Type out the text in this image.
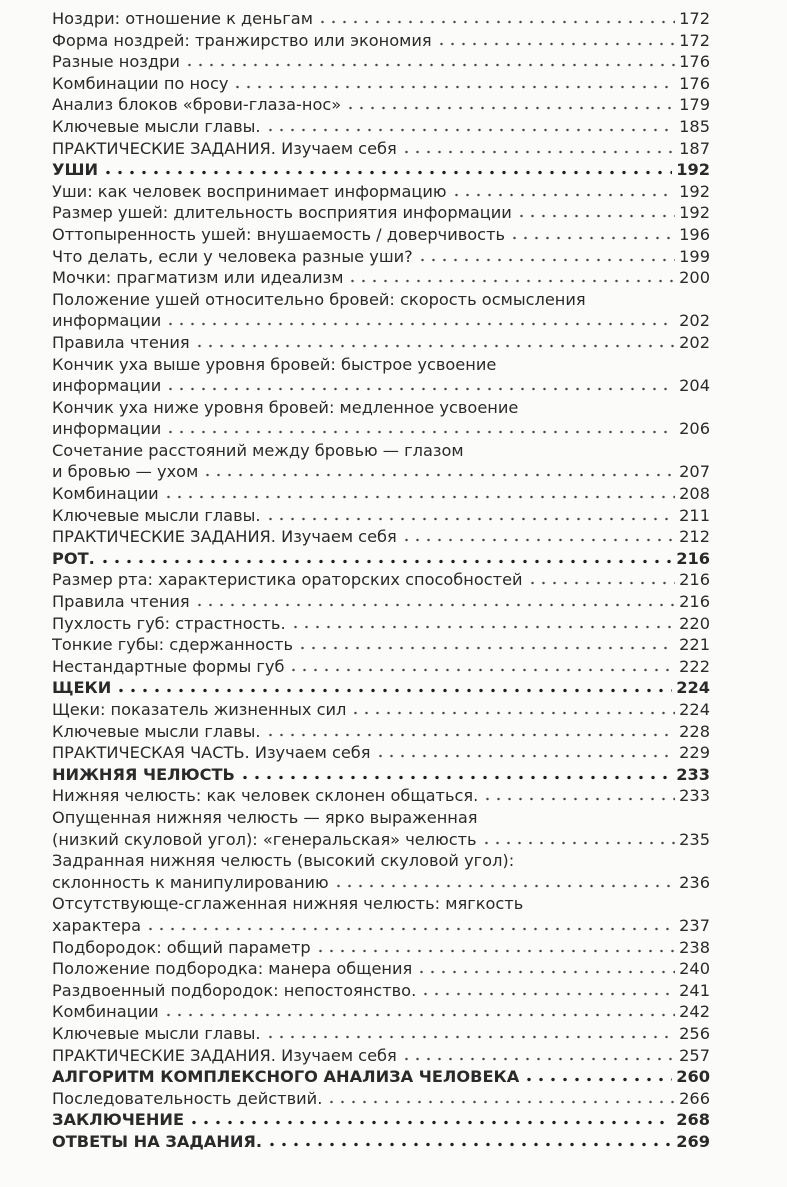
Ноздри: отношение к деньгам	172
Форма ноздрей: транжирство или экономия	172
Разные ноздри	176
Комбинации по носу	176
Анализ блоков «брови-глаза-нос»	179
Ключевые мысли главы.	185
ПРАКТИЧЕСКИЕ ЗАДАНИЯ. Изучаем себя	187
УШИ	192
Уши: как человек воспринимает информацию	192
Размер ушей: длительность восприятия информации	192
Оттопыренность ушей: внушаемость / доверчивость	196
Что делать, если у человека разные уши?	199
Мочки: прагматизм или идеализм	200
Положение ушей относительно бровей: скорость осмысления
информации	202
Правила чтения	202
Кончик уха выше уровня бровей: быстрое усвоение
информации	204
Кончик уха ниже уровня бровей: медленное усвоение
информации	206
Сочетание расстояний между бровью — глазом
и бровью — ухом	207
Комбинации	208
Ключевые мысли главы.	211
ПРАКТИЧЕСКИЕ ЗАДАНИЯ. Изучаем себя	212
РОТ.	216
Размер рта: характеристика ораторских способностей	216
Правила чтения	216
Пухлость губ: страстность.	220
Тонкие губы: сдержанность	221
Нестандартные формы губ	222
ЩЕКИ	224
Щеки: показатель жизненных сил	224
Ключевые мысли главы.	228
ПРАКТИЧЕСКАЯ ЧАСТЬ. Изучаем себя	229
НИЖНЯЯ ЧЕЛЮСТЬ	233
Нижняя челюсть: как человек склонен общаться.	233
Опущенная нижняя челюсть — ярко выраженная
(низкий скуловой угол): «генеральская» челюсть	235
Задранная нижняя челюсть (высокий скуловой угол):
склонность к манипулированию	236
Отсутствующе-сглаженная нижняя челюсть: мягкость
характера	237
Подбородок: общий параметр	238
Положение подбородка: манера общения	240
Раздвоенный подбородок: непостоянство.	241
Комбинации	242
Ключевые мысли главы.	256
ПРАКТИЧЕСКИЕ ЗАДАНИЯ. Изучаем себя	257
АЛГОРИТМ КОМПЛЕКСНОГО АНАЛИЗА ЧЕЛОВЕКА	260
Последовательность действий.	266
ЗАКЛЮЧЕНИЕ	268
ОТВЕТЫ НА ЗАДАНИЯ.	269
